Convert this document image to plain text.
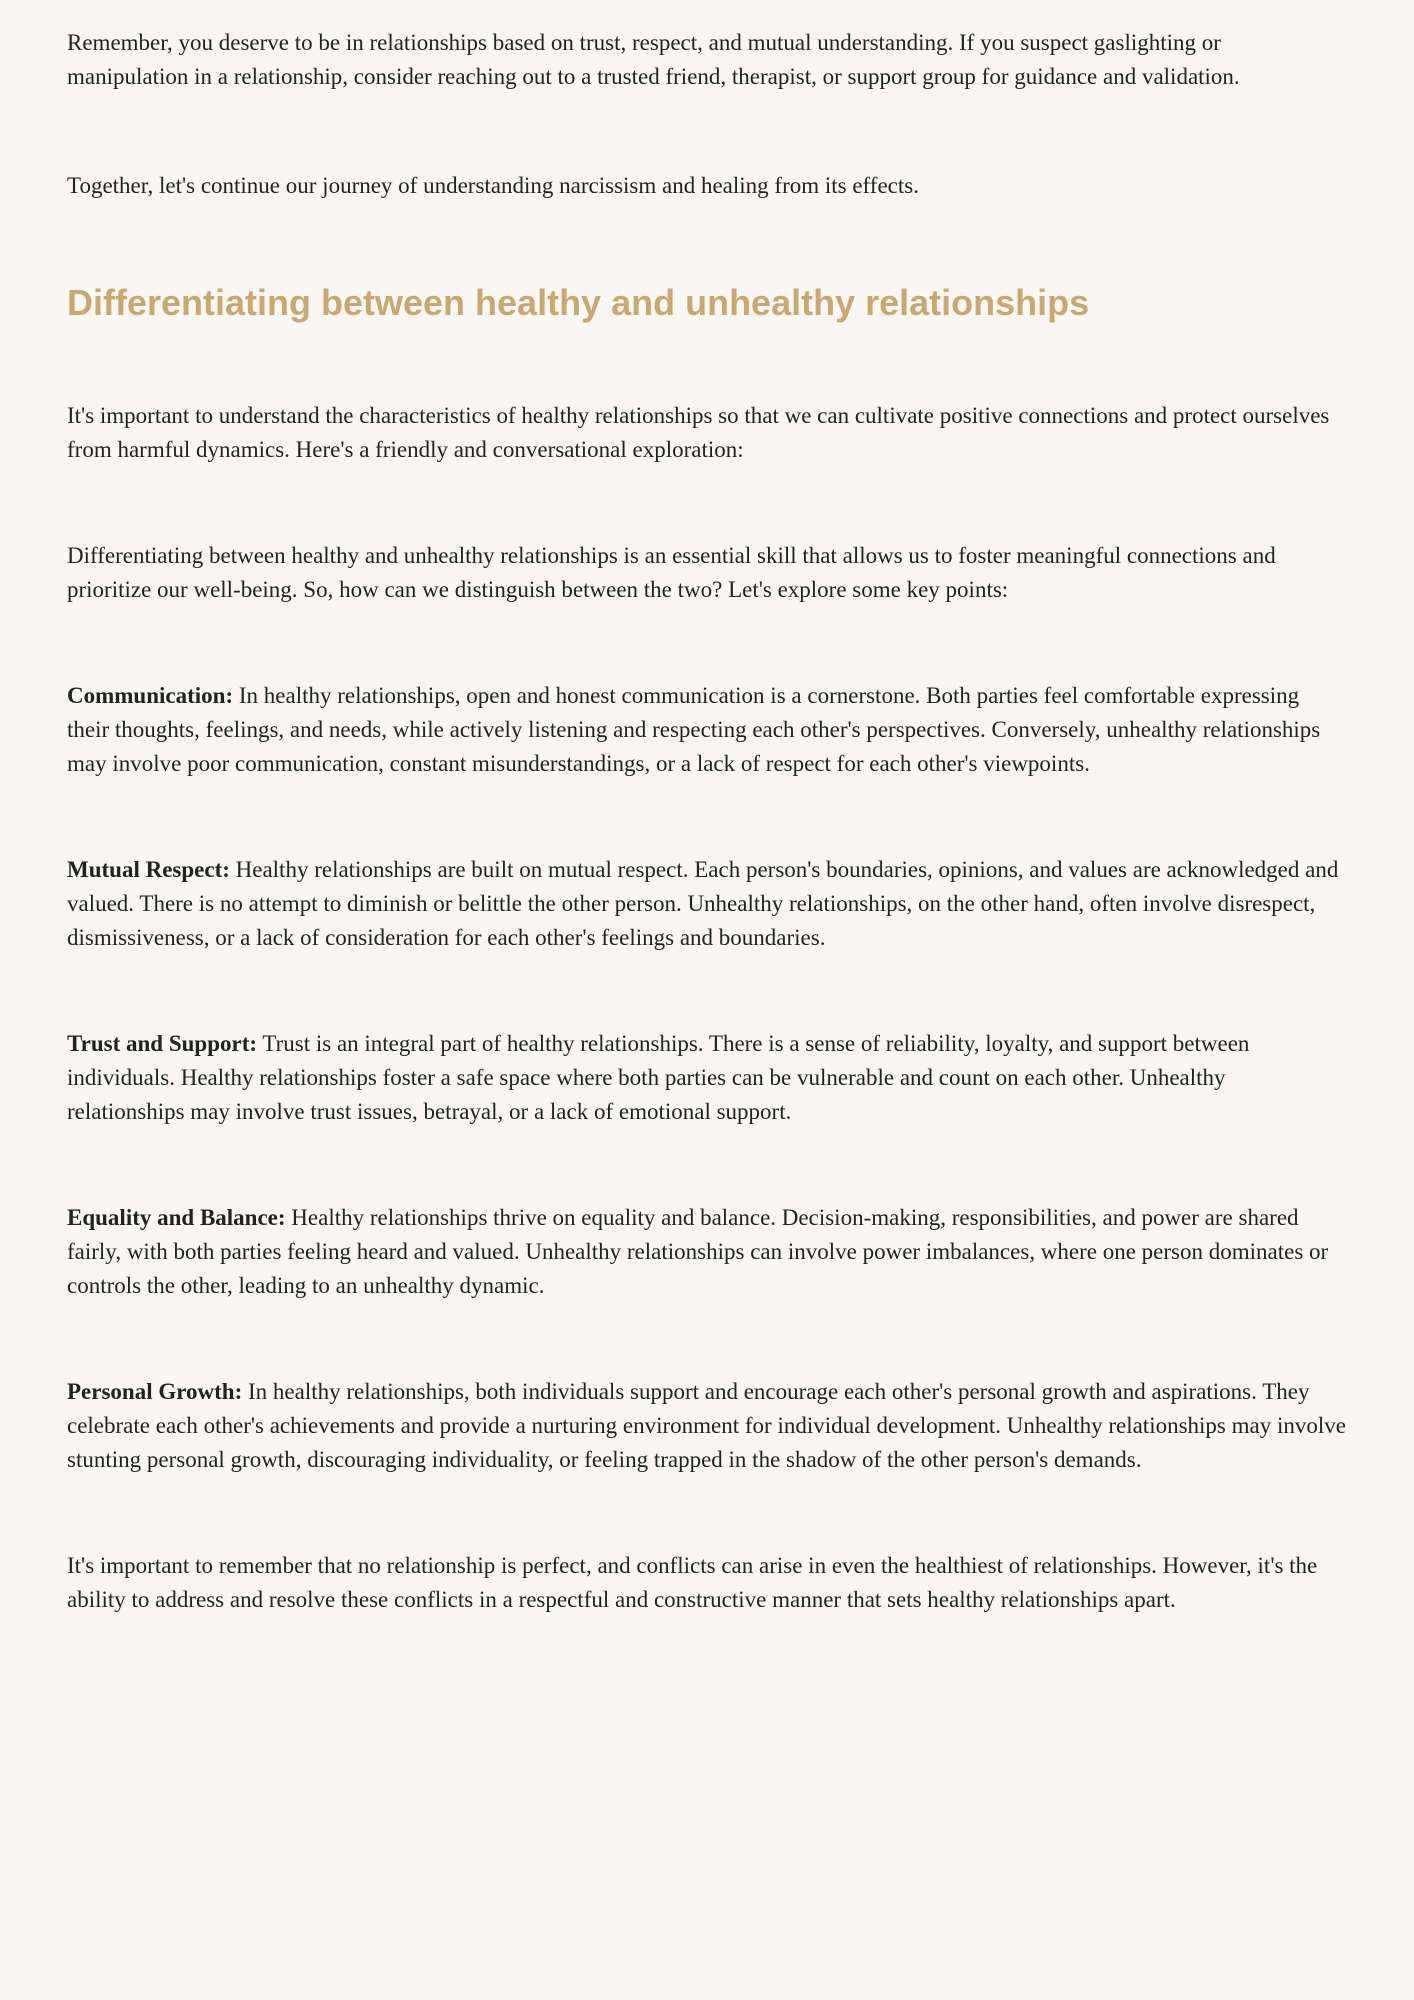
Remember, you deserve to be in relationships based on trust, respect, and mutual understanding. If you suspect gaslighting or manipulation in a relationship, consider reaching out to a trusted friend, therapist, or support group for guidance and validation.

Together, let's continue our journey of understanding narcissism and healing from its effects.

Differentiating between healthy and unhealthy relationships

It's important to understand the characteristics of healthy relationships so that we can cultivate positive connections and protect ourselves from harmful dynamics. Here's a friendly and conversational exploration:

Differentiating between healthy and unhealthy relationships is an essential skill that allows us to foster meaningful connections and prioritize our well-being. So, how can we distinguish between the two? Let's explore some key points:

Communication: In healthy relationships, open and honest communication is a cornerstone. Both parties feel comfortable expressing their thoughts, feelings, and needs, while actively listening and respecting each other's perspectives. Conversely, unhealthy relationships may involve poor communication, constant misunderstandings, or a lack of respect for each other's viewpoints.

Mutual Respect: Healthy relationships are built on mutual respect. Each person's boundaries, opinions, and values are acknowledged and valued. There is no attempt to diminish or belittle the other person. Unhealthy relationships, on the other hand, often involve disrespect, dismissiveness, or a lack of consideration for each other's feelings and boundaries.

Trust and Support: Trust is an integral part of healthy relationships. There is a sense of reliability, loyalty, and support between individuals. Healthy relationships foster a safe space where both parties can be vulnerable and count on each other. Unhealthy relationships may involve trust issues, betrayal, or a lack of emotional support.

Equality and Balance: Healthy relationships thrive on equality and balance. Decision-making, responsibilities, and power are shared fairly, with both parties feeling heard and valued. Unhealthy relationships can involve power imbalances, where one person dominates or controls the other, leading to an unhealthy dynamic.

Personal Growth: In healthy relationships, both individuals support and encourage each other's personal growth and aspirations. They celebrate each other's achievements and provide a nurturing environment for individual development. Unhealthy relationships may involve stunting personal growth, discouraging individuality, or feeling trapped in the shadow of the other person's demands.

It's important to remember that no relationship is perfect, and conflicts can arise in even the healthiest of relationships. However, it's the ability to address and resolve these conflicts in a respectful and constructive manner that sets healthy relationships apart.
